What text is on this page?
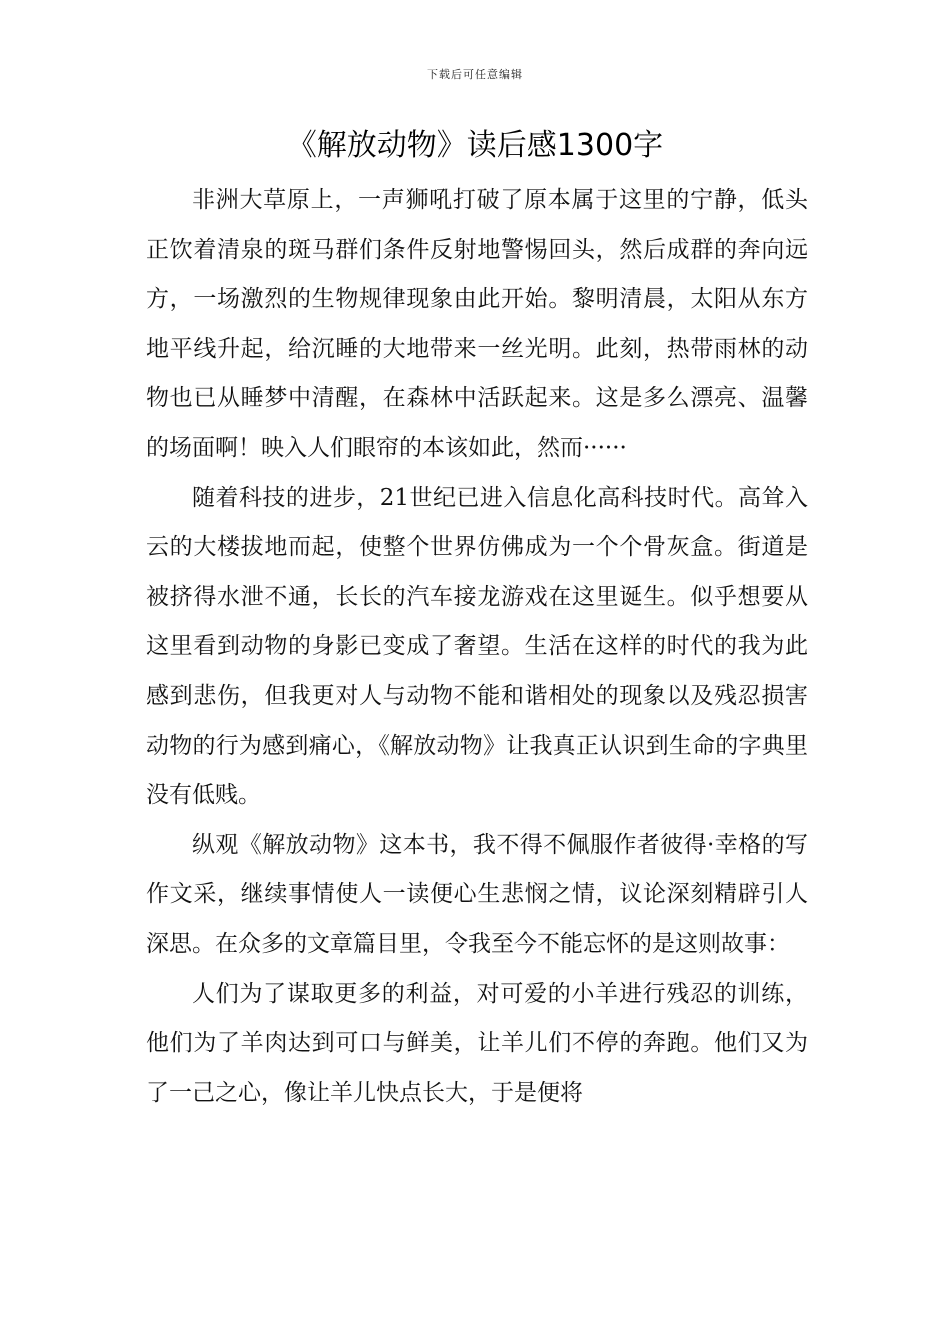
下载后可任意编辑
《解放动物》读后感1300字

非洲大草原上，一声狮吼打破了原本属于这里的宁静，低头正饮着清泉的斑马群们条件反射地警惕回头，然后成群的奔向远方，一场激烈的生物规律现象由此开始。黎明清晨，太阳从东方地平线升起，给沉睡的大地带来一丝光明。此刻，热带雨林的动物也已从睡梦中清醒，在森林中活跃起来。这是多么漂亮、温馨的场面啊！映入人们眼帘的本该如此，然而······

随着科技的进步，21世纪已进入信息化高科技时代。高耸入云的大楼拔地而起，使整个世界仿佛成为一个个骨灰盒。街道是被挤得水泄不通，长长的汽车接龙游戏在这里诞生。似乎想要从这里看到动物的身影已变成了奢望。生活在这样的时代的我为此感到悲伤，但我更对人与动物不能和谐相处的现象以及残忍损害动物的行为感到痛心，《解放动物》让我真正认识到生命的字典里没有低贱。

纵观《解放动物》这本书，我不得不佩服作者彼得·幸格的写作文采，继续事情使人一读便心生悲悯之情，议论深刻精辟引人深思。在众多的文章篇目里，令我至今不能忘怀的是这则故事：

人们为了谋取更多的利益，对可爱的小羊进行残忍的训练，他们为了羊肉达到可口与鲜美，让羊儿们不停的奔跑。他们又为了一己之心，像让羊儿快点长大，于是便将
